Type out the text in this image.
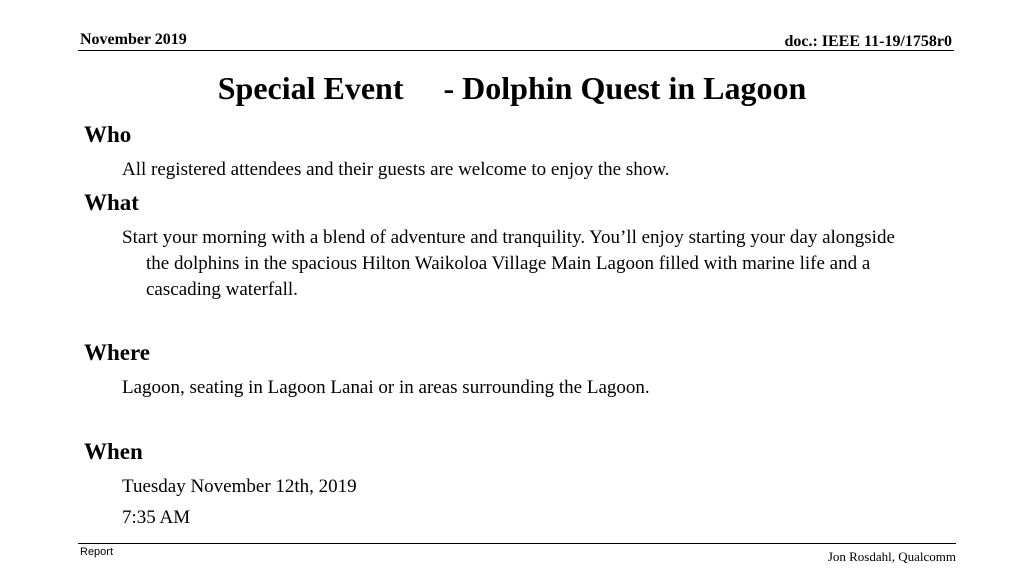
November 2019	doc.: IEEE 11-19/1758r0
Special Event     - Dolphin Quest in Lagoon
Who
All registered attendees and their guests are welcome to enjoy the show.
What
Start your morning with a blend of adventure and tranquility. You’ll enjoy starting your day alongside the dolphins in the spacious Hilton Waikoloa Village Main Lagoon filled with marine life and a cascading waterfall.
Where
Lagoon, seating in Lagoon Lanai or in areas surrounding the Lagoon.
When
Tuesday November 12th, 2019
7:35 AM
Report	Jon Rosdahl, Qualcomm
